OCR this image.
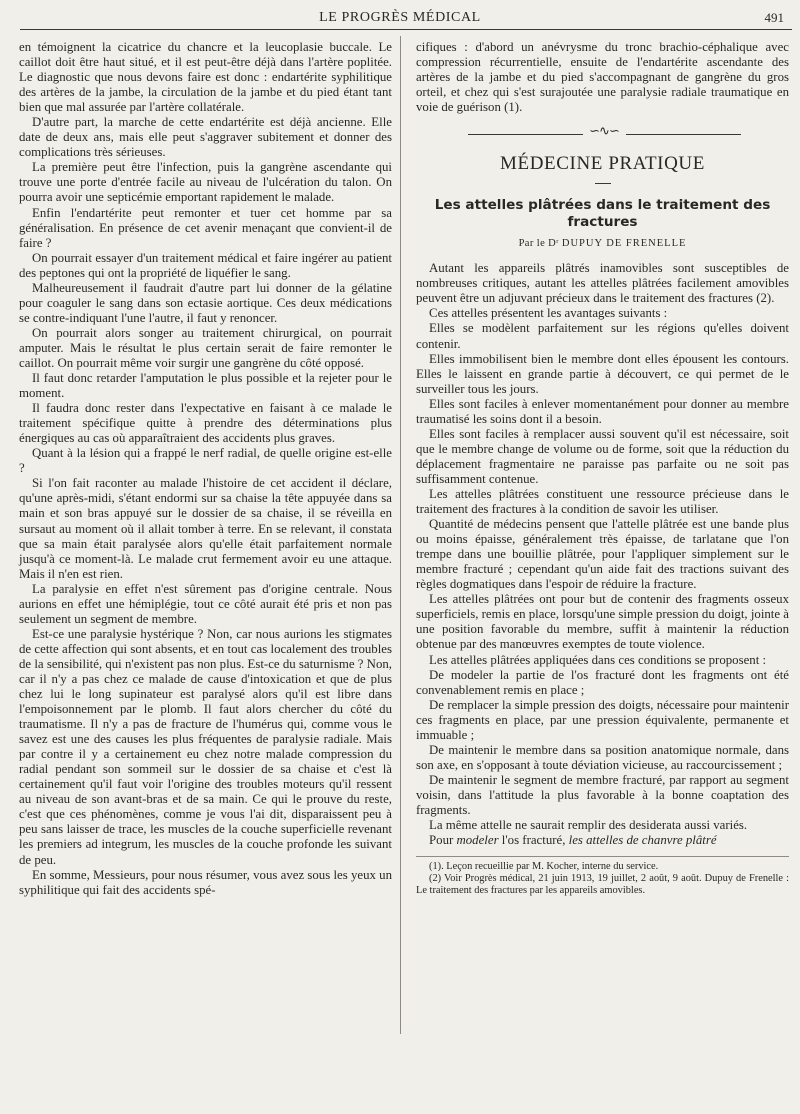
LE PROGRÈS MÉDICAL	491

en témoignent la cicatrice du chancre et la leucoplasie buccale. Le caillot doit être haut situé, et il est peut-être déjà dans l'artère poplitée. Le diagnostic que nous devons faire est donc : endartérite syphilitique des artères de la jambe, la circulation de la jambe et du pied étant tant bien que mal assurée par l'artère collatérale.

D'autre part, la marche de cette endartérite est déjà ancienne. Elle date de deux ans, mais elle peut s'aggraver subitement et donner des complications très sérieuses.

La première peut être l'infection, puis la gangrène ascendante qui trouve une porte d'entrée facile au niveau de l'ulcération du talon. On pourra avoir une septicémie emportant rapidement le malade.

Enfin l'endartérite peut remonter et tuer cet homme par sa généralisation. En présence de cet avenir menaçant que convient-il de faire ?

On pourrait essayer d'un traitement médical et faire ingérer au patient des peptones qui ont la propriété de liquéfier le sang.

Malheureusement il faudrait d'autre part lui donner de la gélatine pour coaguler le sang dans son ectasie aortique. Ces deux médications se contre-indiquant l'une l'autre, il faut y renoncer.

On pourrait alors songer au traitement chirurgical, on pourrait amputer. Mais le résultat le plus certain serait de faire remonter le caillot. On pourrait même voir surgir une gangrène du côté opposé.

Il faut donc retarder l'amputation le plus possible et la rejeter pour le moment.

Il faudra donc rester dans l'expectative en faisant à ce malade le traitement spécifique quitte à prendre des déterminations plus énergiques au cas où apparaîtraient des accidents plus graves.

Quant à la lésion qui a frappé le nerf radial, de quelle origine est-elle ?

Si l'on fait raconter au malade l'histoire de cet accident il déclare, qu'une après-midi, s'étant endormi sur sa chaise la tête appuyée dans sa main et son bras appuyé sur le dossier de sa chaise, il se réveilla en sursaut au moment où il allait tomber à terre. En se relevant, il constata que sa main était paralysée alors qu'elle était parfaitement normale jusqu'à ce moment-là. Le malade crut fermement avoir eu une attaque. Mais il n'en est rien.

La paralysie en effet n'est sûrement pas d'origine centrale. Nous aurions en effet une hémiplégie, tout ce côté aurait été pris et non pas seulement un segment de membre.

Est-ce une paralysie hystérique ? Non, car nous aurions les stigmates de cette affection qui sont absents, et en tout cas localement des troubles de la sensibilité, qui n'existent pas non plus. Est-ce du saturnisme ? Non, car il n'y a pas chez ce malade de cause d'intoxication et que de plus chez lui le long supinateur est paralysé alors qu'il est libre dans l'empoisonnement par le plomb. Il faut alors chercher du côté du traumatisme. Il n'y a pas de fracture de l'humérus qui, comme vous le savez est une des causes les plus fréquentes de paralysie radiale. Mais par contre il y a certainement eu chez notre malade compression du radial pendant son sommeil sur le dossier de sa chaise et c'est là certainement qu'il faut voir l'origine des troubles moteurs qu'il ressent au niveau de son avant-bras et de sa main. Ce qui le prouve du reste, c'est que ces phénomènes, comme je vous l'ai dit, disparaissent peu à peu sans laisser de trace, les muscles de la couche superficielle revenant les premiers ad integrum, les muscles de la couche profonde les suivant de peu.

En somme, Messieurs, pour nous résumer, vous avez sous les yeux un syphilitique qui fait des accidents spé-

cifiques : d'abord un anévrysme du tronc brachio-céphalique avec compression récurrentielle, ensuite de l'endartérite ascendante des artères de la jambe et du pied s'accompagnant de gangrène du gros orteil, et chez qui s'est surajoutée une paralysie radiale traumatique en voie de guérison (1).

∽∿∽
MÉDECINE PRATIQUE
Les attelles plâtrées dans le traitement des fractures
Par le Dʳ DUPUY DE FRENELLE

Autant les appareils plâtrés inamovibles sont susceptibles de nombreuses critiques, autant les attelles plâtrées facilement amovibles peuvent être un adjuvant précieux dans le traitement des fractures (2).

Ces attelles présentent les avantages suivants :

Elles se modèlent parfaitement sur les régions qu'elles doivent contenir.

Elles immobilisent bien le membre dont elles épousent les contours. Elles le laissent en grande partie à découvert, ce qui permet de le surveiller tous les jours.

Elles sont faciles à enlever momentanément pour donner au membre traumatisé les soins dont il a besoin.

Elles sont faciles à remplacer aussi souvent qu'il est nécessaire, soit que le membre change de volume ou de forme, soit que la réduction du déplacement fragmentaire ne paraisse pas parfaite ou ne soit pas suffisamment contenue.

Les attelles plâtrées constituent une ressource précieuse dans le traitement des fractures à la condition de savoir les utiliser.

Quantité de médecins pensent que l'attelle plâtrée est une bande plus ou moins épaisse, généralement très épaisse, de tarlatane que l'on trempe dans une bouillie plâtrée, pour l'appliquer simplement sur le membre fracturé ; cependant qu'un aide fait des tractions suivant des règles dogmatiques dans l'espoir de réduire la fracture.

Les attelles plâtrées ont pour but de contenir des fragments osseux superficiels, remis en place, lorsqu'une simple pression du doigt, jointe à une position favorable du membre, suffit à maintenir la réduction obtenue par des manœuvres exemptes de toute violence.

Les attelles plâtrées appliquées dans ces conditions se proposent :

De modeler la partie de l'os fracturé dont les fragments ont été convenablement remis en place ;

De remplacer la simple pression des doigts, nécessaire pour maintenir ces fragments en place, par une pression équivalente, permanente et immuable ;

De maintenir le membre dans sa position anatomique normale, dans son axe, en s'opposant à toute déviation vicieuse, au raccourcissement ;

De maintenir le segment de membre fracturé, par rapport au segment voisin, dans l'attitude la plus favorable à la bonne coaptation des fragments.

La même attelle ne saurait remplir des desiderata aussi variés.

Pour modeler l'os fracturé, les attelles de chanvre plâtré

(1). Leçon recueillie par M. Kocher, interne du service.

(2) Voir Progrès médical, 21 juin 1913, 19 juillet, 2 août, 9 août. Dupuy de Frenelle : Le traitement des fractures par les appareils amovibles.
